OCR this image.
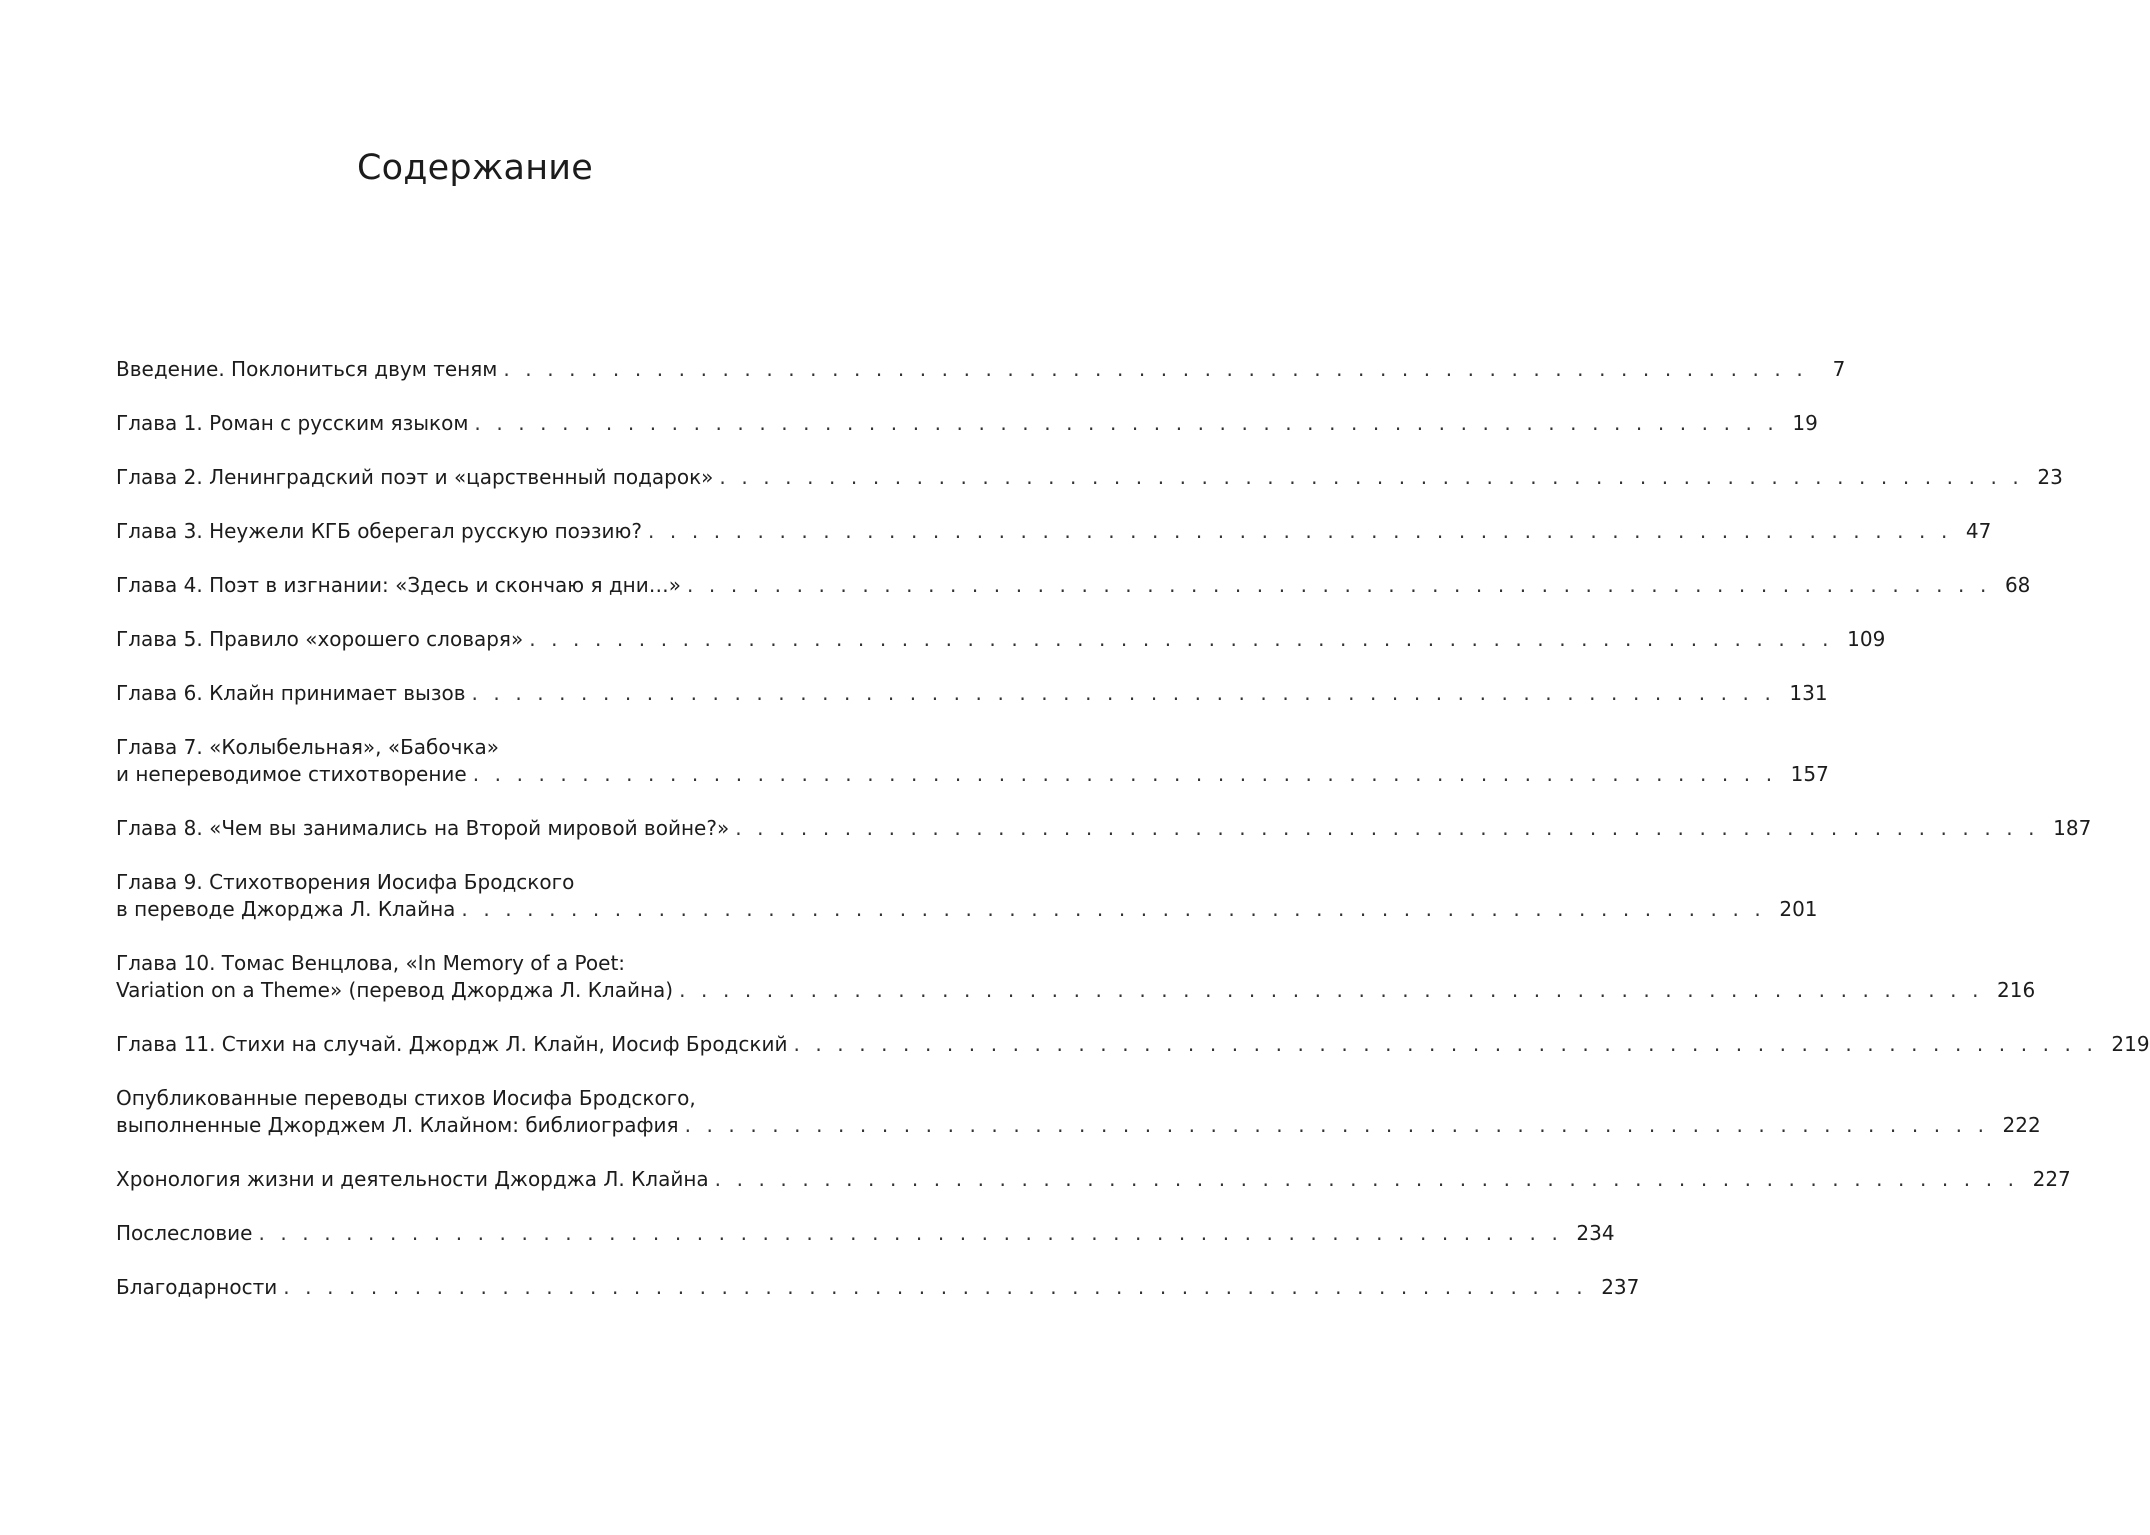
Содержание
Введение. Поклониться двум теням . . . . . . . . . . . . . . . . . . . . . . . . . . . . . . . . . . . . . . . . . . . . . . . . . . . . . . . . . . . .	7
Глава 1. Роман с русским языком . . . . . . . . . . . . . . . . . . . . . . . . . . . . . . . . . . . . . . . . . . . . . . . . . . . . . . . . . . . . 19
Глава 2. Ленинградский поэт и «царственный подарок» . . . . . . . . . . . . . . . . . . . . . . . . . . . . . . . . . . . . . . . . . . . . . . . . . . . . . . . . . . . . 23
Глава 3. Неужели КГБ оберегал русскую поэзию? . . . . . . . . . . . . . . . . . . . . . . . . . . . . . . . . . . . . . . . . . . . . . . . . . . . . . . . . . . . . 47
Глава 4. Поэт в изгнании: «Здесь и скончаю я дни…» . . . . . . . . . . . . . . . . . . . . . . . . . . . . . . . . . . . . . . . . . . . . . . . . . . . . . . . . . . . . 68
Глава 5. Правило «хорошего словаря» . . . . . . . . . . . . . . . . . . . . . . . . . . . . . . . . . . . . . . . . . . . . . . . . . . . . . . . . . . . . 109
Глава 6. Клайн принимает вызов . . . . . . . . . . . . . . . . . . . . . . . . . . . . . . . . . . . . . . . . . . . . . . . . . . . . . . . . . . . . 131
Глава 7. «Колыбельная», «Бабочка»
и непереводимое стихотворение . . . . . . . . . . . . . . . . . . . . . . . . . . . . . . . . . . . . . . . . . . . . . . . . . . . . . . . . . . . . 157
Глава 8. «Чем вы занимались на Второй мировой войне?» . . . . . . . . . . . . . . . . . . . . . . . . . . . . . . . . . . . . . . . . . . . . . . . . . . . . . . . . . . . . 187
Глава 9. Стихотворения Иосифа Бродского
в переводе Джорджа Л. Клайна . . . . . . . . . . . . . . . . . . . . . . . . . . . . . . . . . . . . . . . . . . . . . . . . . . . . . . . . . . . . 201
Глава 10. Томас Венцлова, «In Memory of a Poet:
Variation on a Theme» (перевод Джорджа Л. Клайна) . . . . . . . . . . . . . . . . . . . . . . . . . . . . . . . . . . . . . . . . . . . . . . . . . . . . . . . . . . . . 216
Глава 11. Стихи на случай. Джордж Л. Клайн, Иосиф Бродский . . . . . . . . . . . . . . . . . . . . . . . . . . . . . . . . . . . . . . . . . . . . . . . . . . . . . . . . . . . . 219
Опубликованные переводы стихов Иосифа Бродского,
выполненные Джорджем Л. Клайном: библиография . . . . . . . . . . . . . . . . . . . . . . . . . . . . . . . . . . . . . . . . . . . . . . . . . . . . . . . . . . . . 222
Хронология жизни и деятельности Джорджа Л. Клайна . . . . . . . . . . . . . . . . . . . . . . . . . . . . . . . . . . . . . . . . . . . . . . . . . . . . . . . . . . . . 227
Послесловие . . . . . . . . . . . . . . . . . . . . . . . . . . . . . . . . . . . . . . . . . . . . . . . . . . . . . . . . . . . . 234
Благодарности . . . . . . . . . . . . . . . . . . . . . . . . . . . . . . . . . . . . . . . . . . . . . . . . . . . . . . . . . . . . 237
